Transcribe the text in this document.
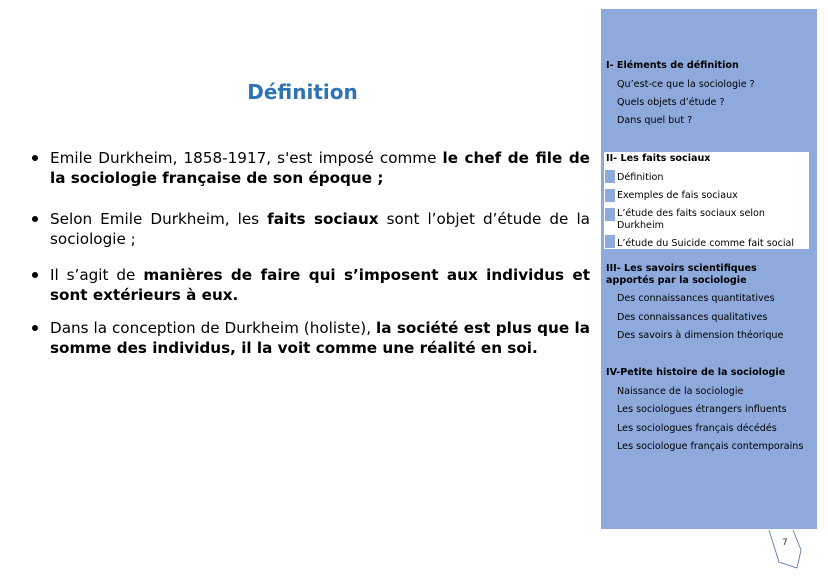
Définition
Emile Durkheim, 1858-1917, s'est imposé comme le chef de file de la sociologie française de son époque ;
Selon Emile Durkheim, les faits sociaux sont l’objet d’étude de la sociologie ;
Il s’agit de manières de faire qui s’imposent aux individus et sont extérieurs à eux.
Dans la conception de Durkheim (holiste), la société est plus que la somme des individus, il la voit comme une réalité en soi.
I- Eléments de définition
Qu’est-ce que la sociologie ?
Quels objets d’étude ?
Dans quel but ?
II- Les faits sociaux
Définition
Exemples de fais sociaux
L’étude des faits sociaux selon Durkheim
L’étude du Suicide comme fait social
III- Les savoirs scientifiques apportés par la sociologie
Des connaissances quantitatives
Des connaissances qualitatives
Des savoirs à dimension théorique
IV-Petite histoire de la sociologie
Naissance de la sociologie
Les sociologues étrangers influents
Les sociologues français décédés
Les sociologue français contemporains
7
